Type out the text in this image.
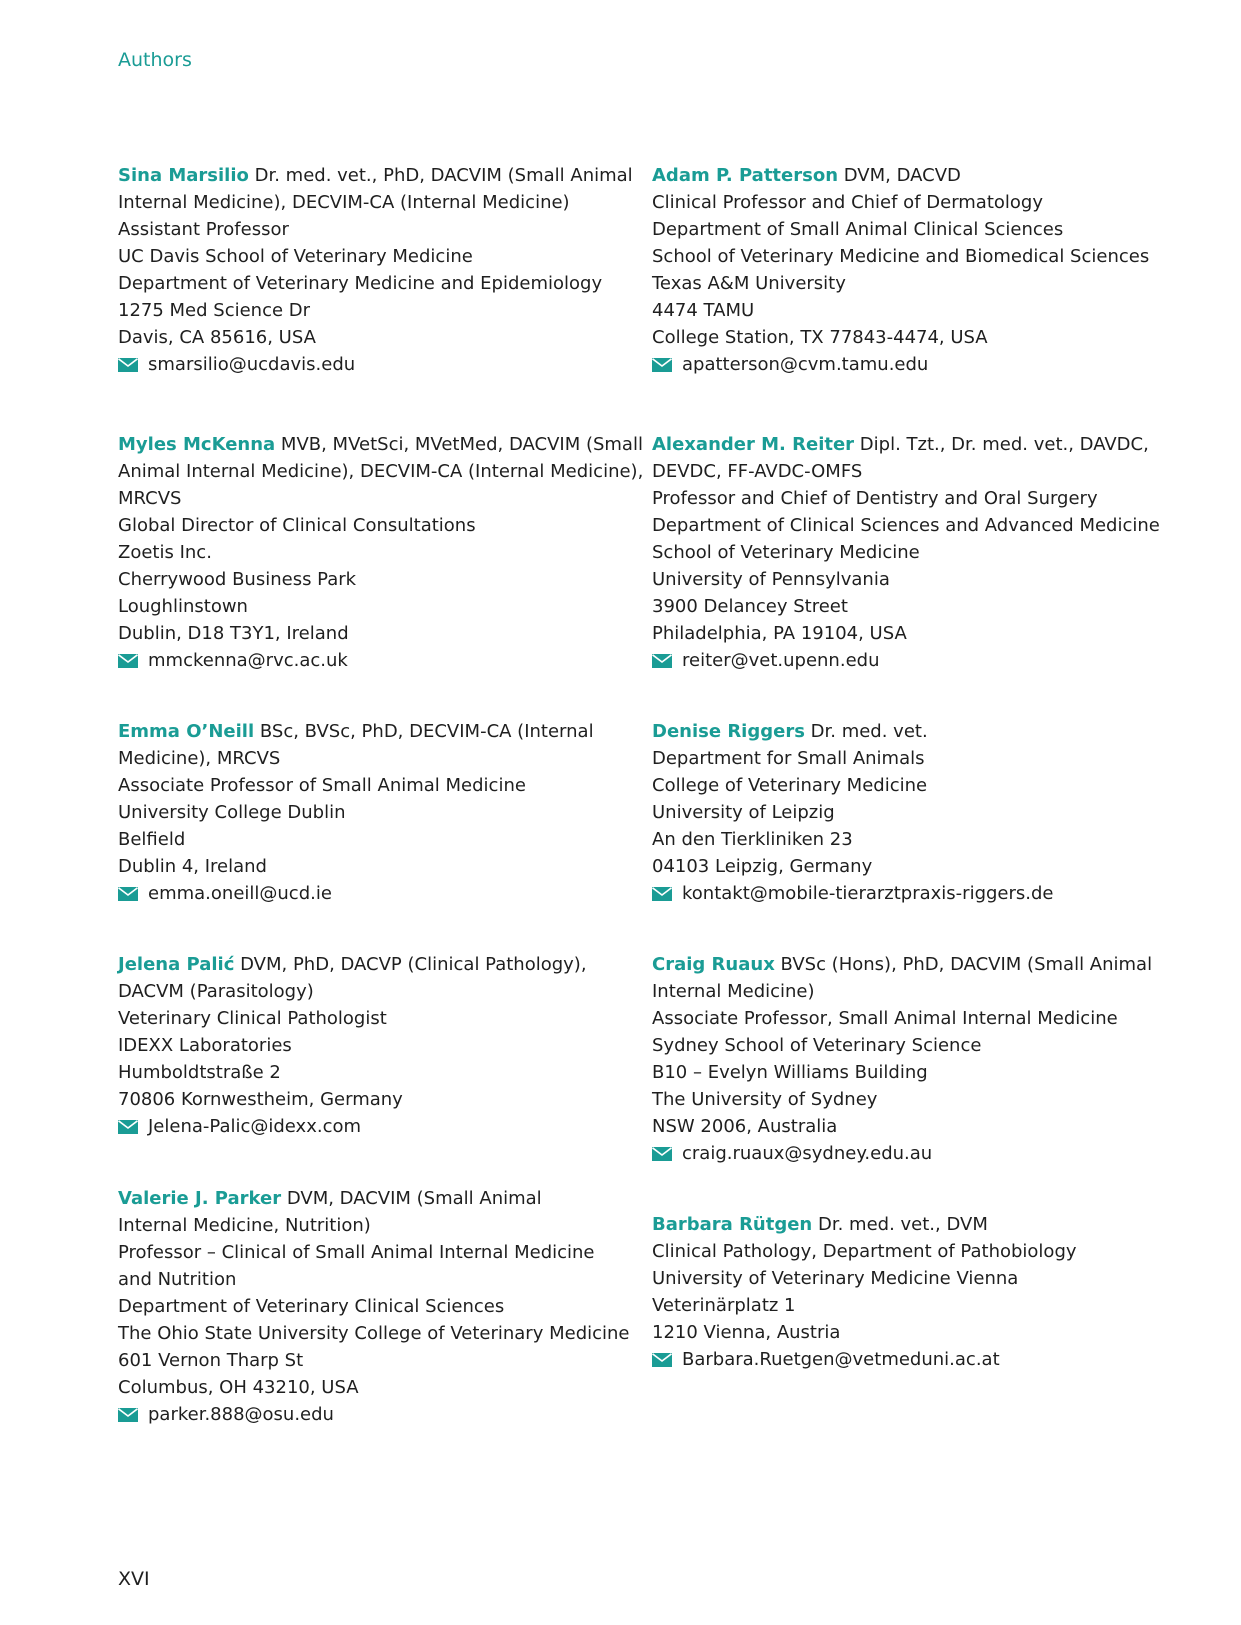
Authors
Sina Marsilio Dr. med. vet., PhD, DACVIM (Small Animal
Internal Medicine), DECVIM-CA (Internal Medicine)
Assistant Professor
UC Davis School of Veterinary Medicine
Department of Veterinary Medicine and Epidemiology
1275 Med Science Dr
Davis, CA 85616, USA
smarsilio@ucdavis.edu
Myles McKenna MVB, MVetSci, MVetMed, DACVIM (Small
Animal Internal Medicine), DECVIM-CA (Internal Medicine),
MRCVS
Global Director of Clinical Consultations
Zoetis Inc.
Cherrywood Business Park
Loughlinstown
Dublin, D18 T3Y1, Ireland
mmckenna@rvc.ac.uk
Emma O’Neill BSc, BVSc, PhD, DECVIM-CA (Internal
Medicine), MRCVS
Associate Professor of Small Animal Medicine
University College Dublin
Belfield
Dublin 4, Ireland
emma.oneill@ucd.ie
Jelena Palić DVM, PhD, DACVP (Clinical Pathology),
DACVM (Parasitology)
Veterinary Clinical Pathologist
IDEXX Laboratories
Humboldtstraße 2
70806 Kornwestheim, Germany
Jelena-Palic@idexx.com
Valerie J. Parker DVM, DACVIM (Small Animal
Internal Medicine, Nutrition)
Professor – Clinical of Small Animal Internal Medicine
and Nutrition
Department of Veterinary Clinical Sciences
The Ohio State University College of Veterinary Medicine
601 Vernon Tharp St
Columbus, OH 43210, USA
parker.888@osu.edu
Adam P. Patterson DVM, DACVD
Clinical Professor and Chief of Dermatology
Department of Small Animal Clinical Sciences
School of Veterinary Medicine and Biomedical Sciences
Texas A&M University
4474 TAMU
College Station, TX 77843-4474, USA
apatterson@cvm.tamu.edu
Alexander M. Reiter Dipl. Tzt., Dr. med. vet., DAVDC,
DEVDC, FF-AVDC-OMFS
Professor and Chief of Dentistry and Oral Surgery
Department of Clinical Sciences and Advanced Medicine
School of Veterinary Medicine
University of Pennsylvania
3900 Delancey Street
Philadelphia, PA 19104, USA
reiter@vet.upenn.edu
Denise Riggers Dr. med. vet.
Department for Small Animals
College of Veterinary Medicine
University of Leipzig
An den Tierkliniken 23
04103 Leipzig, Germany
kontakt@mobile-tierarztpraxis-riggers.de
Craig Ruaux BVSc (Hons), PhD, DACVIM (Small Animal
Internal Medicine)
Associate Professor, Small Animal Internal Medicine
Sydney School of Veterinary Science
B10 – Evelyn Williams Building
The University of Sydney
NSW 2006, Australia
craig.ruaux@sydney.edu.au
Barbara Rütgen Dr. med. vet., DVM
Clinical Pathology, Department of Pathobiology
University of Veterinary Medicine Vienna
Veterinärplatz 1
1210 Vienna, Austria
Barbara.Ruetgen@vetmeduni.ac.at
XVI
